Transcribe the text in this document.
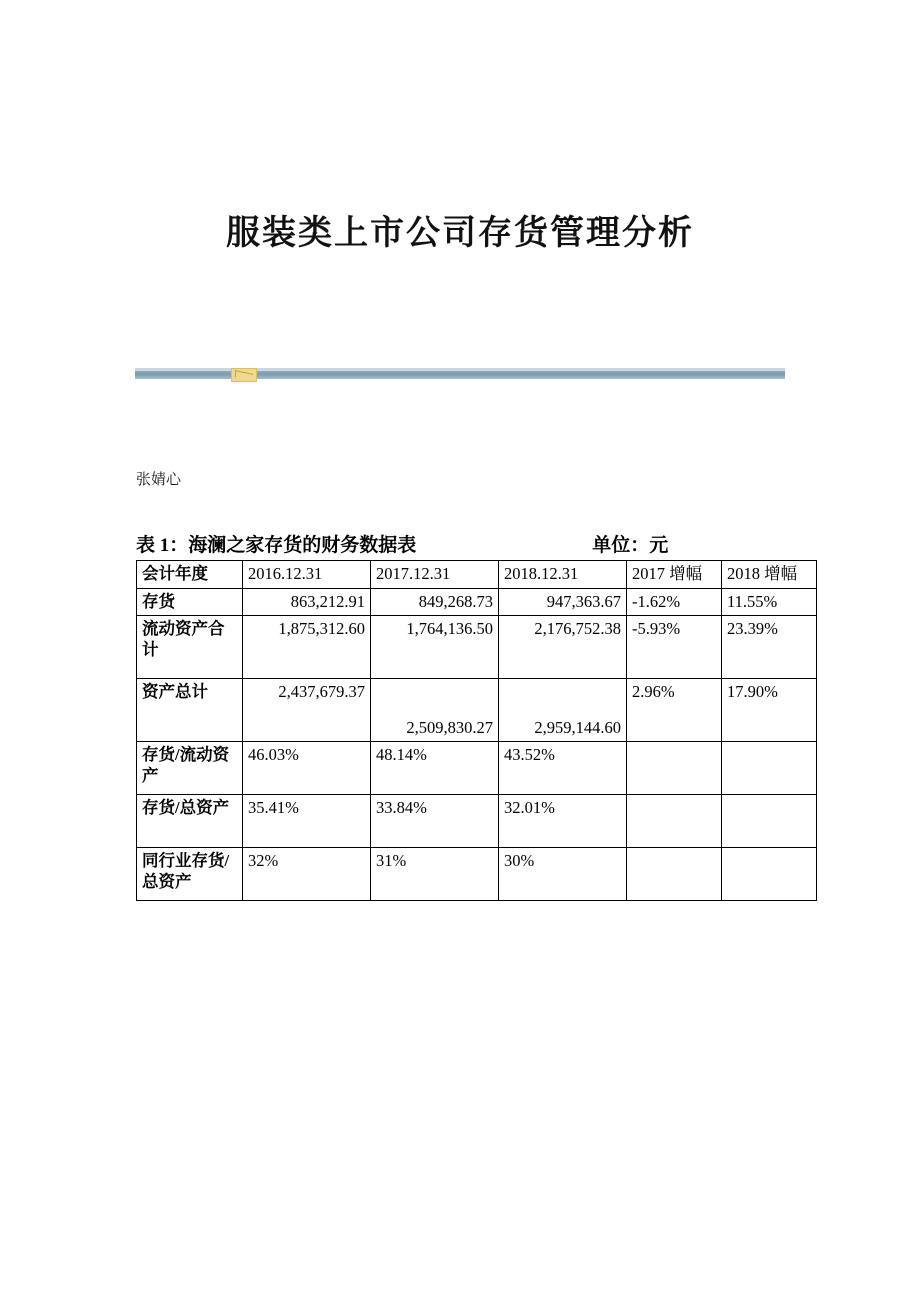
服装类上市公司存货管理分析
张婧心
表 1：海澜之家存货的财务数据表	单位：元
会计年度	2016.12.31	2017.12.31	2018.12.31	2017 增幅	2018 增幅
存货	863,212.91	849,268.73	947,363.67	-1.62%	11.55%
流动资产合计	1,875,312.60	1,764,136.50	2,176,752.38	-5.93%	23.39%
资产总计	2,437,679.37	2,509,830.27	2,959,144.60	2.96%	17.90%
存货/流动资产	46.03%	48.14%	43.52%		
存货/总资产	35.41%	33.84%	32.01%		
同行业存货/总资产	32%	31%	30%		
